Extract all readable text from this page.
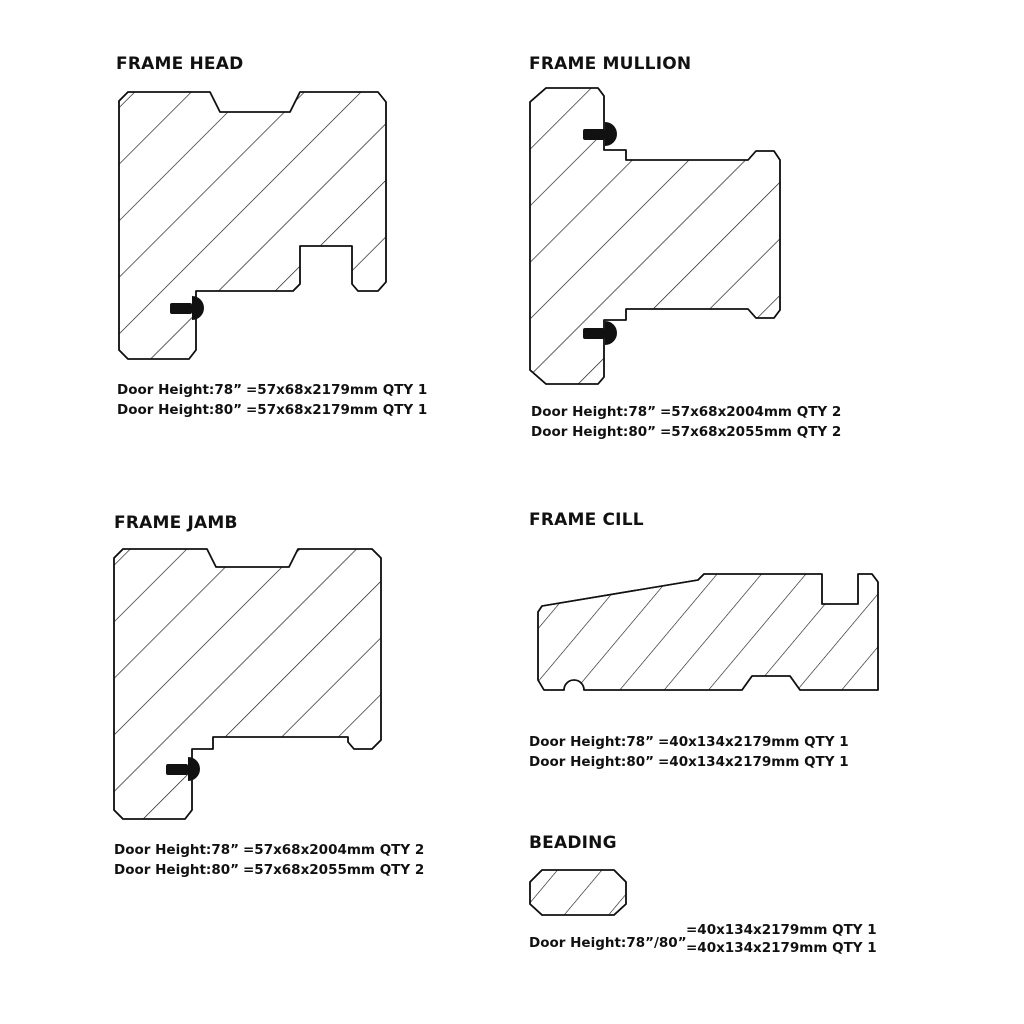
FRAME HEAD	FRAME MULLION
FRAME JAMB	FRAME CILL
BEADING
Door Height:78” =57x68x2179mm QTY 1
Door Height:80” =57x68x2179mm QTY 1	Door Height:78” =57x68x2004mm QTY 2
Door Height:80” =57x68x2055mm QTY 2
Door Height:78” =57x68x2004mm QTY 2
Door Height:80” =57x68x2055mm QTY 2
Door Height:78” =40x134x2179mm QTY 1
Door Height:80” =40x134x2179mm QTY 1
Door Height:78”/80”
=40x134x2179mm QTY 1
=40x134x2179mm QTY 1
